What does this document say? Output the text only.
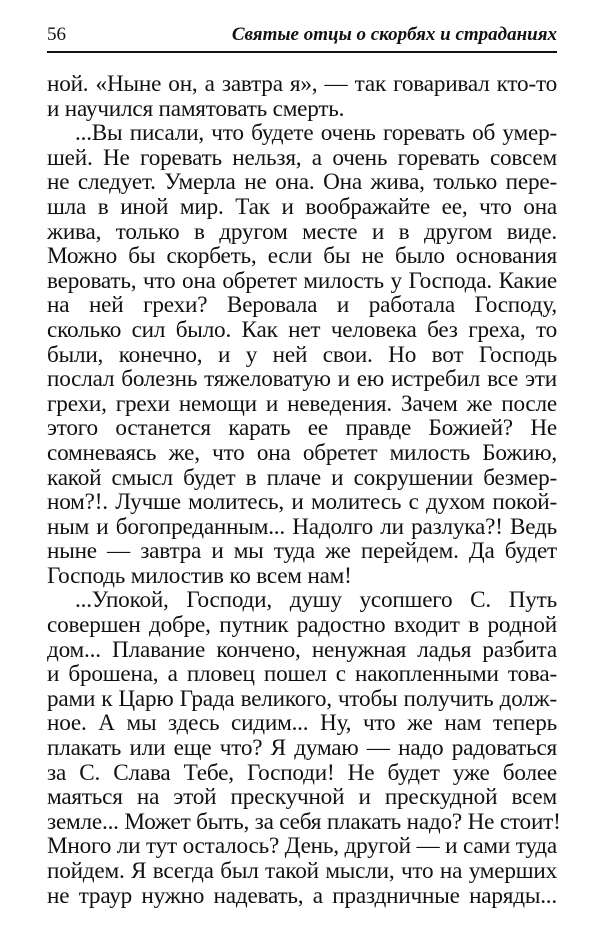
56	Святые отцы о скорбях и страданиях
ной. «Ныне он, а завтра я», — так говаривал кто-то
и научился памятовать смерть.
...Вы писали, что будете очень горевать об умер-
шей. Не горевать нельзя, а очень горевать совсем
не следует. Умерла не она. Она жива, только пере-
шла в иной мир. Так и воображайте ее, что она
жива, только в другом месте и в другом виде.
Можно бы скорбеть, если бы не было основания
веровать, что она обретет милость у Господа. Какие
на ней грехи? Веровала и работала Господу,
сколько сил было. Как нет человека без греха, то
были, конечно, и у ней свои. Но вот Господь
послал болезнь тяжеловатую и ею истребил все эти
грехи, грехи немощи и неведения. Зачем же после
этого останется карать ее правде Божией? Не
сомневаясь же, что она обретет милость Божию,
какой смысл будет в плаче и сокрушении безмер-
ном?!. Лучше молитесь, и молитесь с духом покой-
ным и богопреданным... Надолго ли разлука?! Ведь
ныне — завтра и мы туда же перейдем. Да будет
Господь милостив ко всем нам!
...Упокой, Господи, душу усопшего С. Путь
совершен добре, путник радостно входит в родной
дом... Плавание кончено, ненужная ладья разбита
и брошена, а пловец пошел с накопленными това-
рами к Царю Града великого, чтобы получить долж-
ное. А мы здесь сидим... Ну, что же нам теперь
плакать или еще что? Я думаю — надо радоваться
за С. Слава Тебе, Господи! Не будет уже более
маяться на этой прескучной и прескудной всем
земле... Может быть, за себя плакать надо? Не стоит!
Много ли тут осталось? День, другой — и сами туда
пойдем. Я всегда был такой мысли, что на умерших
не траур нужно надевать, а праздничные наряды...
